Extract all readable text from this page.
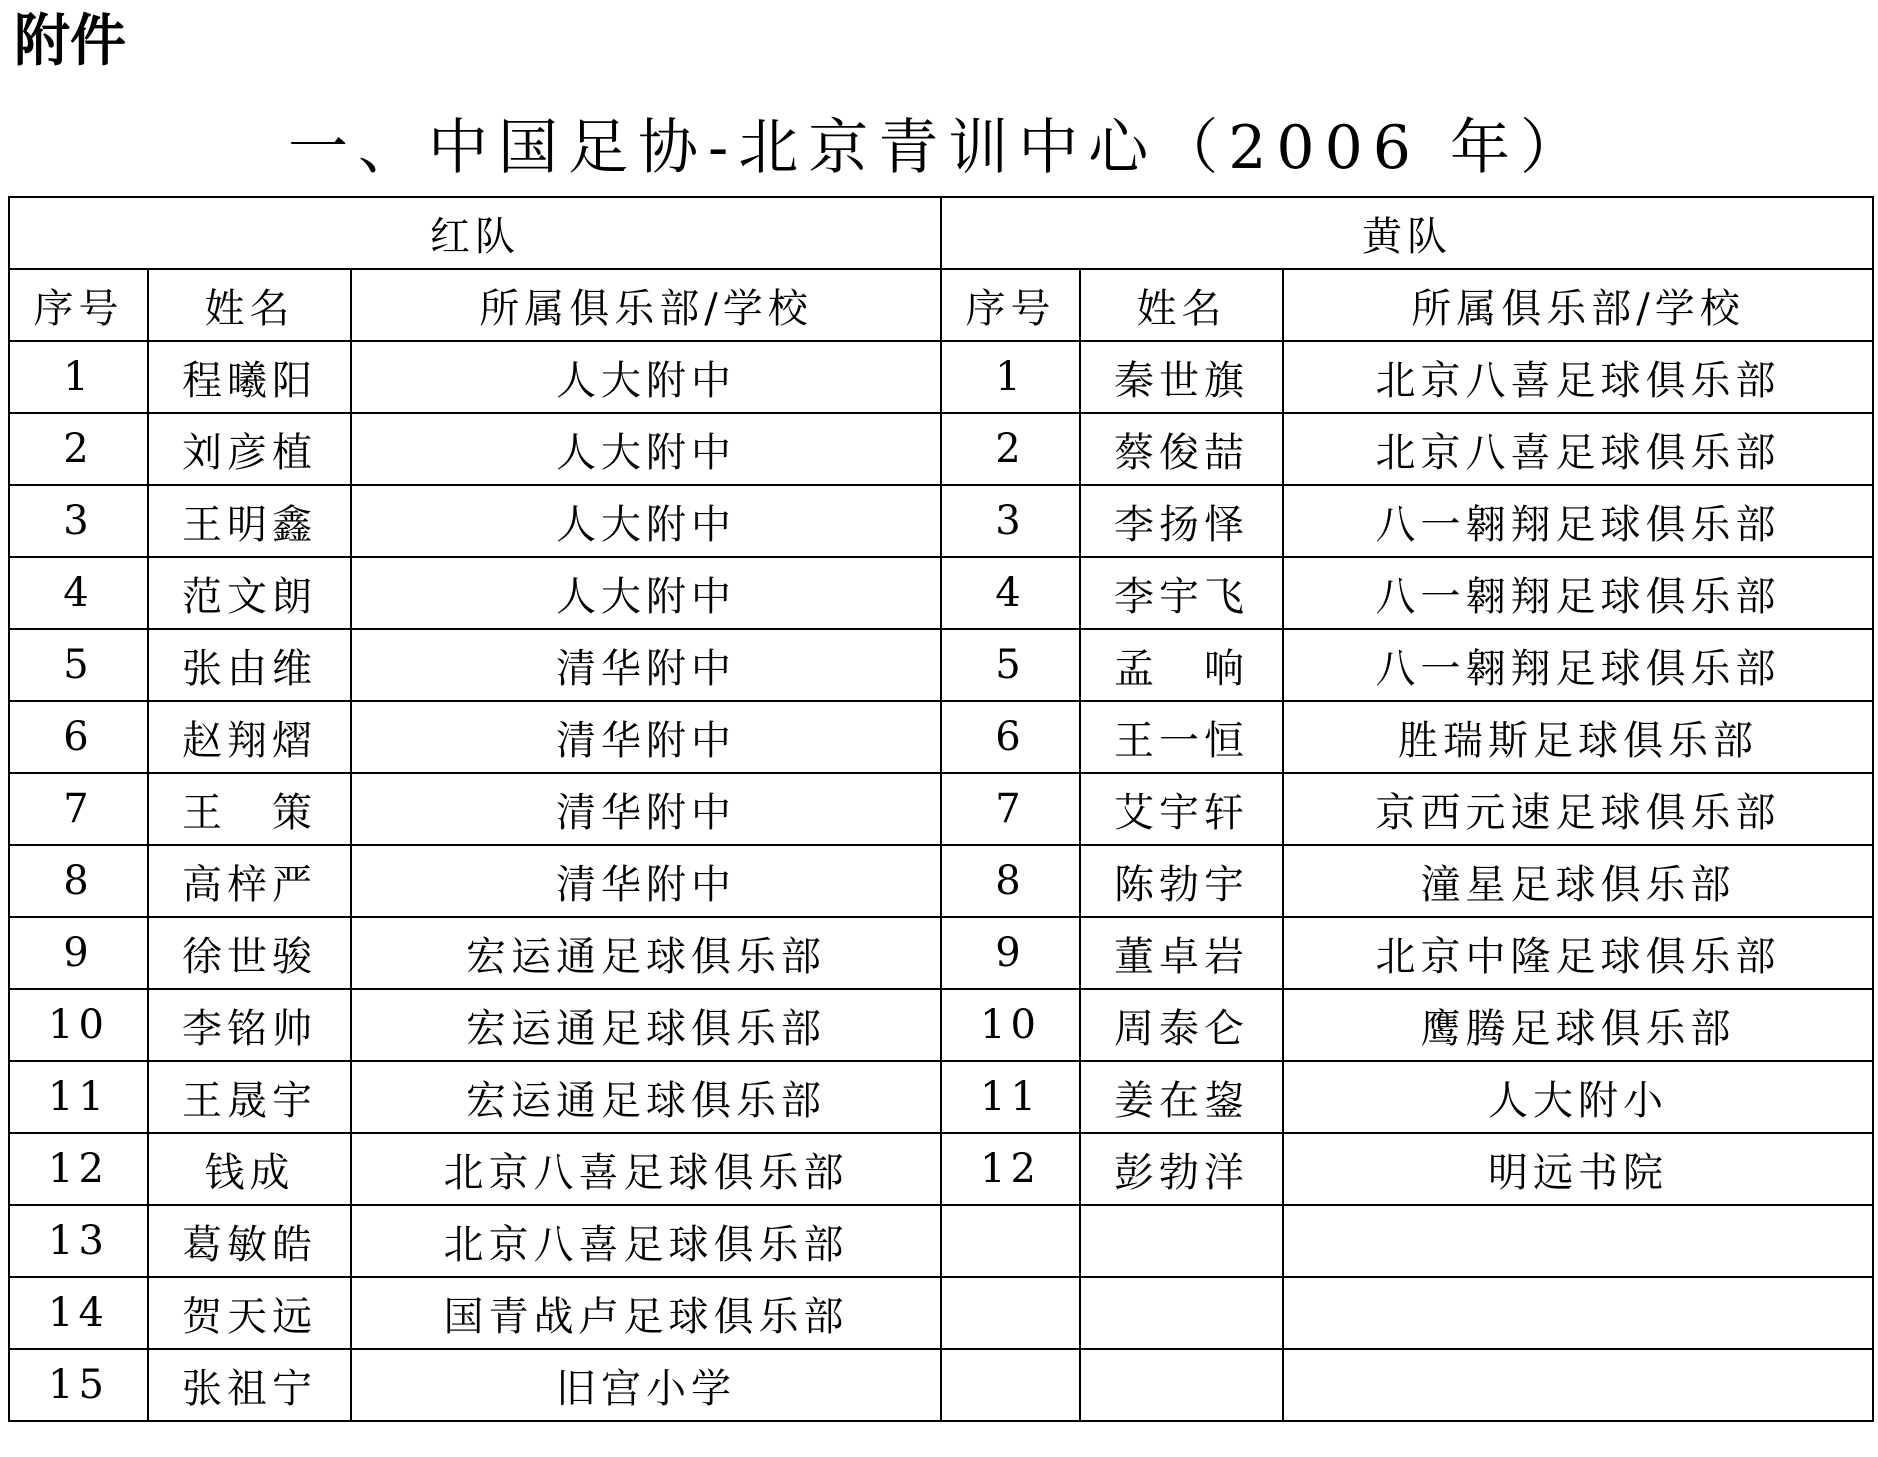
附件
一、中国足协-北京青训中心（2006 年）
红队			黄队		
序号	姓名	所属俱乐部/学校	序号	姓名	所属俱乐部/学校
1	程曦阳	人大附中	1	秦世旗	北京八喜足球俱乐部
2	刘彦植	人大附中	2	蔡俊喆	北京八喜足球俱乐部
3	王明鑫	人大附中	3	李扬怿	八一翱翔足球俱乐部
4	范文朗	人大附中	4	李宇飞	八一翱翔足球俱乐部
5	张由维	清华附中	5	孟　响	八一翱翔足球俱乐部
6	赵翔熠	清华附中	6	王一恒	胜瑞斯足球俱乐部
7	王　策	清华附中	7	艾宇轩	京西元速足球俱乐部
8	高梓严	清华附中	8	陈勃宇	潼星足球俱乐部
9	徐世骏	宏运通足球俱乐部	9	董卓岩	北京中隆足球俱乐部
10	李铭帅	宏运通足球俱乐部	10	周泰仑	鹰腾足球俱乐部
11	王晟宇	宏运通足球俱乐部	11	姜在鋆	人大附小
12	钱成	北京八喜足球俱乐部	12	彭勃洋	明远书院
13	葛敏皓	北京八喜足球俱乐部			
14	贺天远	国青战卢足球俱乐部			
15	张祖宁	旧宫小学			
